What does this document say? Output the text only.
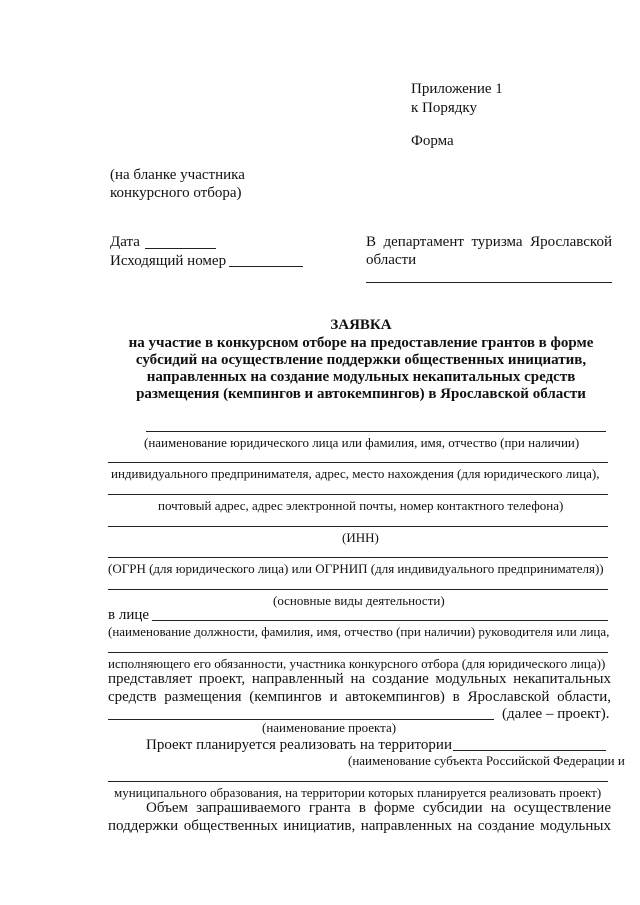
Приложение 1
к Порядку
Форма
(на бланке участника
конкурсного отбора)
Дата
Исходящий номер
В департамент туризма Ярославской
области
ЗАЯВКА
на участие в конкурсном отборе на предоставление грантов в форме
субсидий на осуществление поддержки общественных инициатив,
направленных на создание модульных некапитальных средств
размещения (кемпингов и автокемпингов) в Ярославской области
(наименование юридического лица или фамилия, имя, отчество (при наличии)
индивидуального предпринимателя, адрес, место нахождения (для юридического лица),
почтовый адрес, адрес электронной почты, номер контактного телефона)
(ИНН)
(ОГРН (для юридического лица) или ОГРНИП (для индивидуального предпринимателя))
(основные виды деятельности)
в лице
(наименование должности, фамилия, имя, отчество (при наличии) руководителя или лица,
исполняющего его обязанности, участника конкурсного отбора (для юридического лица))
представляет проект, направленный на создание модульных некапитальных
средств размещения (кемпингов и автокемпингов) в Ярославской области,
(далее – проект).
(наименование проекта)
Проект планируется реализовать на территории
(наименование субъекта Российской Федерации и
муниципального образования, на территории которых планируется реализовать проект)
Объем запрашиваемого гранта в форме субсидии на осуществление
поддержки общественных инициатив, направленных на создание модульных
